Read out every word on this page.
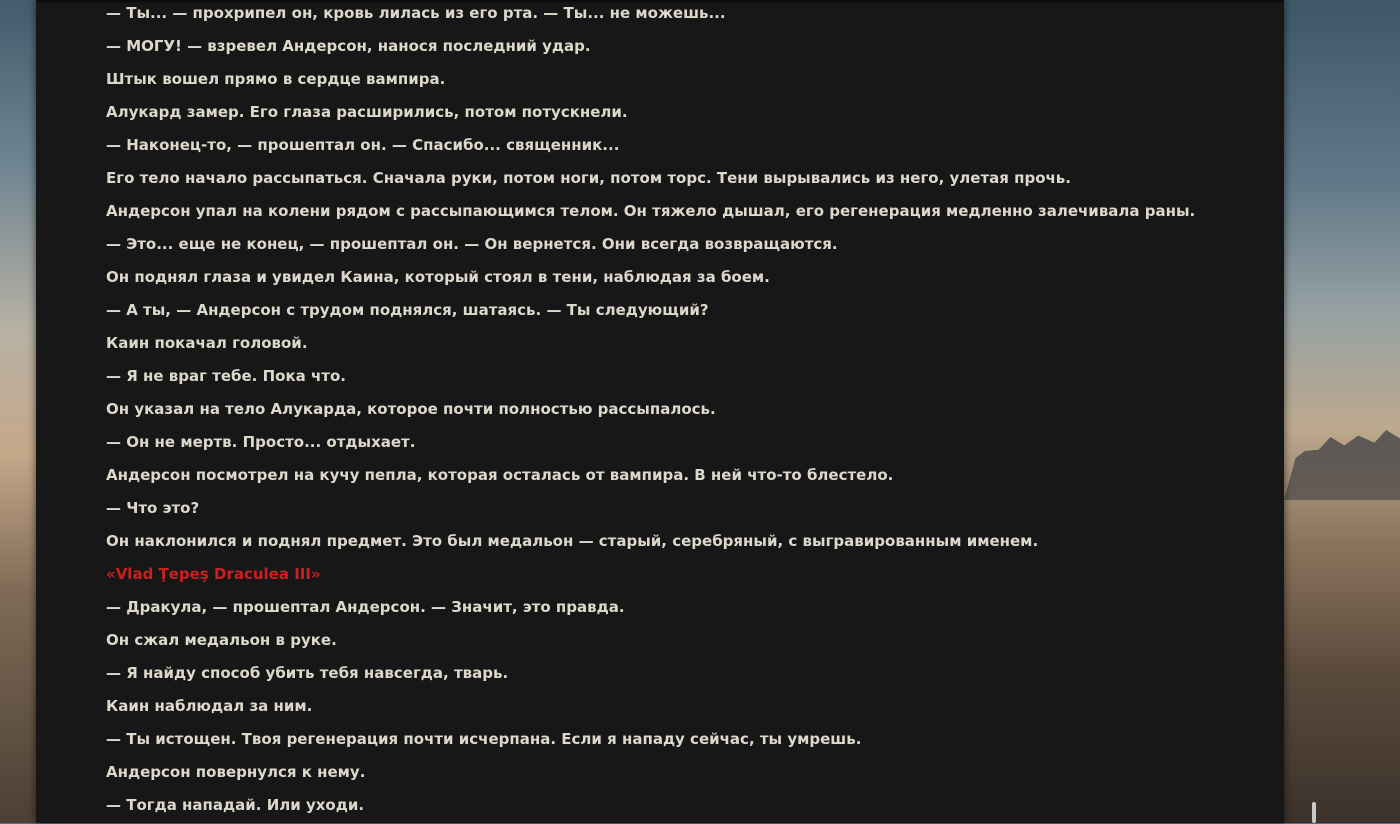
— Ты... — прохрипел он, кровь лилась из его рта. — Ты... не можешь...

— МОГУ! — взревел Андерсон, нанося последний удар.

Штык вошел прямо в сердце вампира.

Алукард замер. Его глаза расширились, потом потускнели.

— Наконец-то, — прошептал он. — Спасибо... священник...

Его тело начало рассыпаться. Сначала руки, потом ноги, потом торс. Тени вырывались из него, улетая прочь.

Андерсон упал на колени рядом с рассыпающимся телом. Он тяжело дышал, его регенерация медленно залечивала раны.

— Это... еще не конец, — прошептал он. — Он вернется. Они всегда возвращаются.

Он поднял глаза и увидел Каина, который стоял в тени, наблюдая за боем.

— А ты, — Андерсон с трудом поднялся, шатаясь. — Ты следующий?

Каин покачал головой.

— Я не враг тебе. Пока что.

Он указал на тело Алукарда, которое почти полностью рассыпалось.

— Он не мертв. Просто... отдыхает.

Андерсон посмотрел на кучу пепла, которая осталась от вампира. В ней что-то блестело.

— Что это?

Он наклонился и поднял предмет. Это был медальон — старый, серебряный, с выгравированным именем.

«Vlad Ţepeş Draculea III»

— Дракула, — прошептал Андерсон. — Значит, это правда.

Он сжал медальон в руке.

— Я найду способ убить тебя навсегда, тварь.

Каин наблюдал за ним.

— Ты истощен. Твоя регенерация почти исчерпана. Если я нападу сейчас, ты умрешь.

Андерсон повернулся к нему.

— Тогда нападай. Или уходи.
